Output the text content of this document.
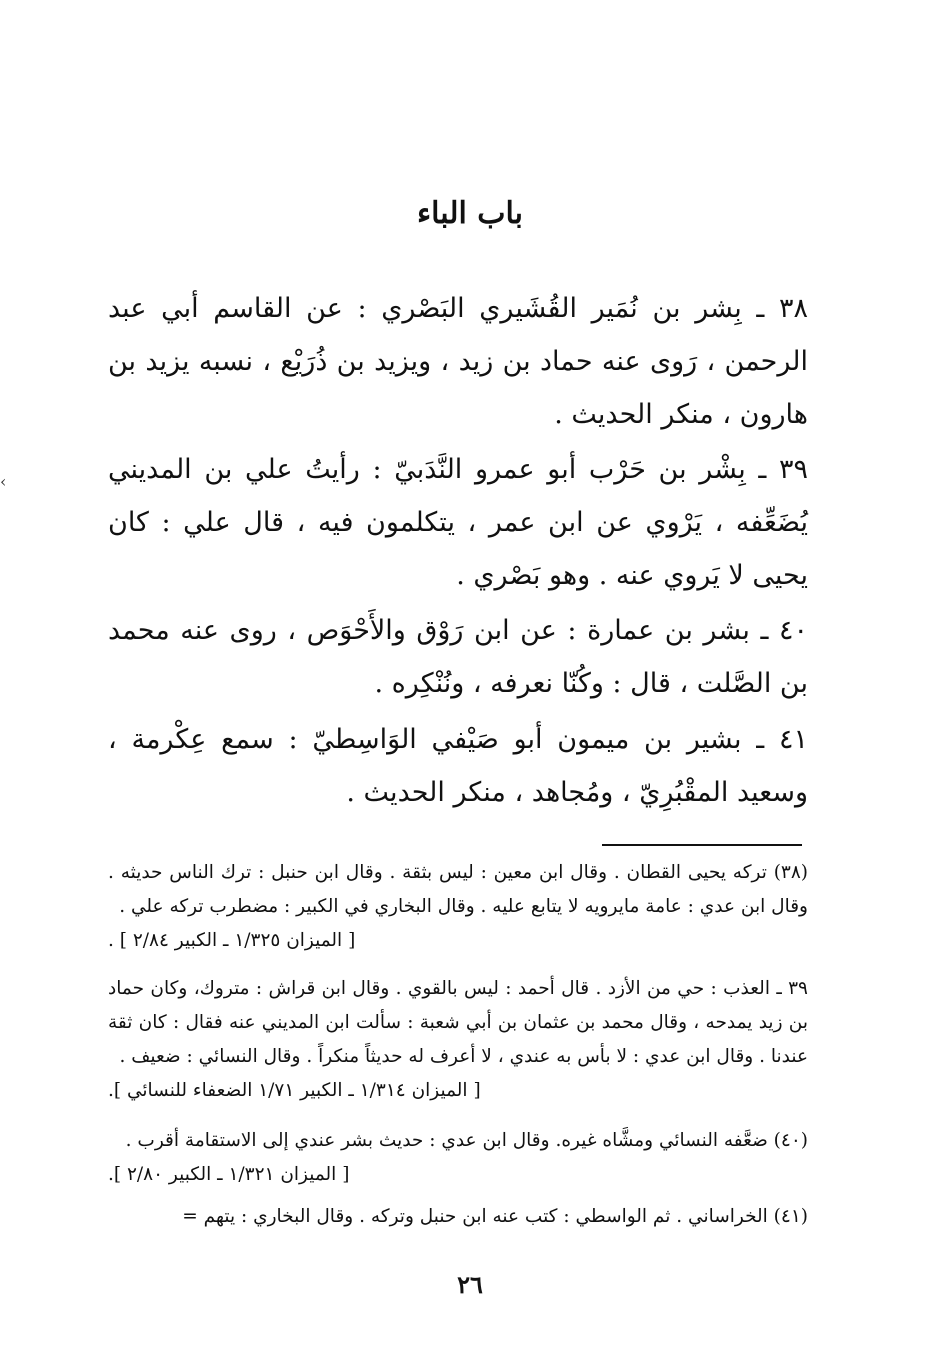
›
باب الباء

٣٨ ـ بِشر بن نُمَير القُشَيري البَصْري : عن القاسم أبي عبد الرحمن ، رَوى عنه حماد بن زيد ، ويزيد بن ذُرَيْع ، نسبه يزيد بن هارون ، منكر الحديث .

٣٩ ـ بِشْر بن حَرْب أبو عمرو النَّدَبيّ : رأيتُ علي بن المديني يُضَعِّفه ، يَرْوي عن ابن عمر ، يتكلمون فيه ، قال علي : كان يحيى لا يَروي عنه . وهو بَصْري .

٤٠ ـ بشر بن عمارة : عن ابن رَوْق والأَحْوَص ، روى عنه محمد بن الصَّلت ، قال : وكُنّا نعرفه ، ونُنْكِره .

٤١ ـ بشير بن ميمون أبو صَيْفي الوَاسِطيّ : سمع عِكْرمة ، وسعيد المقْبُرِيّ ، ومُجاهد ، منكر الحديث .

(٣٨) تركه يحيى القطان . وقال ابن معين : ليس بثقة . وقال ابن حنبل : ترك الناس حديثه . وقال ابن عدي : عامة مايرويه لا يتابع عليه . وقال البخاري في الكبير : مضطرب تركه علي .
[ الميزان ١/٣٢٥ ـ الكبير ٢/٨٤ ] .

٣٩ ـ العذب : حي من الأزد . قال أحمد : ليس بالقوي . وقال ابن قراش : متروك، وكان حماد بن زيد يمدحه ، وقال محمد بن عثمان بن أبي شعبة : سألت ابن المديني عنه فقال : كان ثقة عندنا . وقال ابن عدي : لا بأس به عندي ، لا أعرف له حديثاً منكراً . وقال النسائي : ضعيف .
[ الميزان ١/٣١٤ ـ الكبير ١/٧١ الضعفاء للنسائي ].

(٤٠) ضعَّفه النسائي ومشَّاه غيره. وقال ابن عدي : حديث بشر عندي إلى الاستقامة أقرب .
[ الميزان ١/٣٢١ ـ الكبير ٢/٨٠ ].

(٤١) الخراساني . ثم الواسطي : كتب عنه ابن حنبل وتركه . وقال البخاري : يتهم =

٢٦
